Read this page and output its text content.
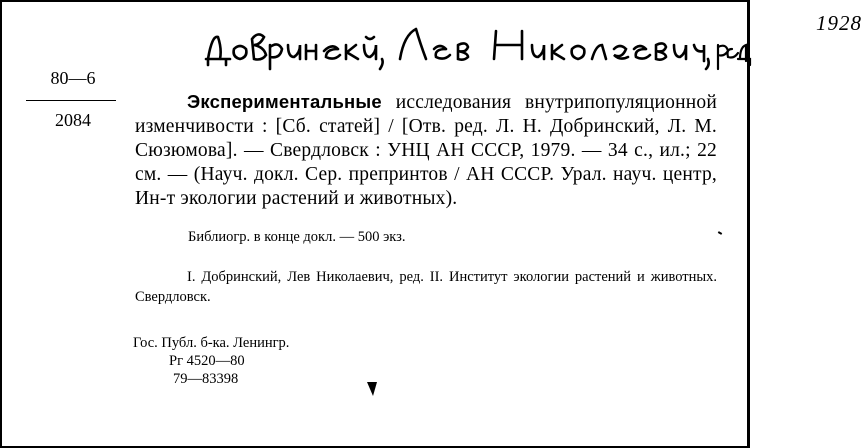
1928
80—6
2084
Экспериментальные исследования внутрипопуляционной изменчивости : [Сб. статей] / [Отв. ред. Л. Н. Добринский, Л. М. Сюзюмова]. — Свердловск : УНЦ АН СССР, 1979. — 34 с., ил.; 22 см. — (Науч. докл. Сер. препринтов / АН СССР. Урал. науч. центр, Ин-т экологии растений и животных).
Библиогр. в конце докл. — 500 экз.
I. Добринский, Лев Николаевич, ред. II. Институт экологии растений и животных. Свердловск.
Гос. Публ. б-ка. Ленингр.
Рг 4520—80
79—83398
